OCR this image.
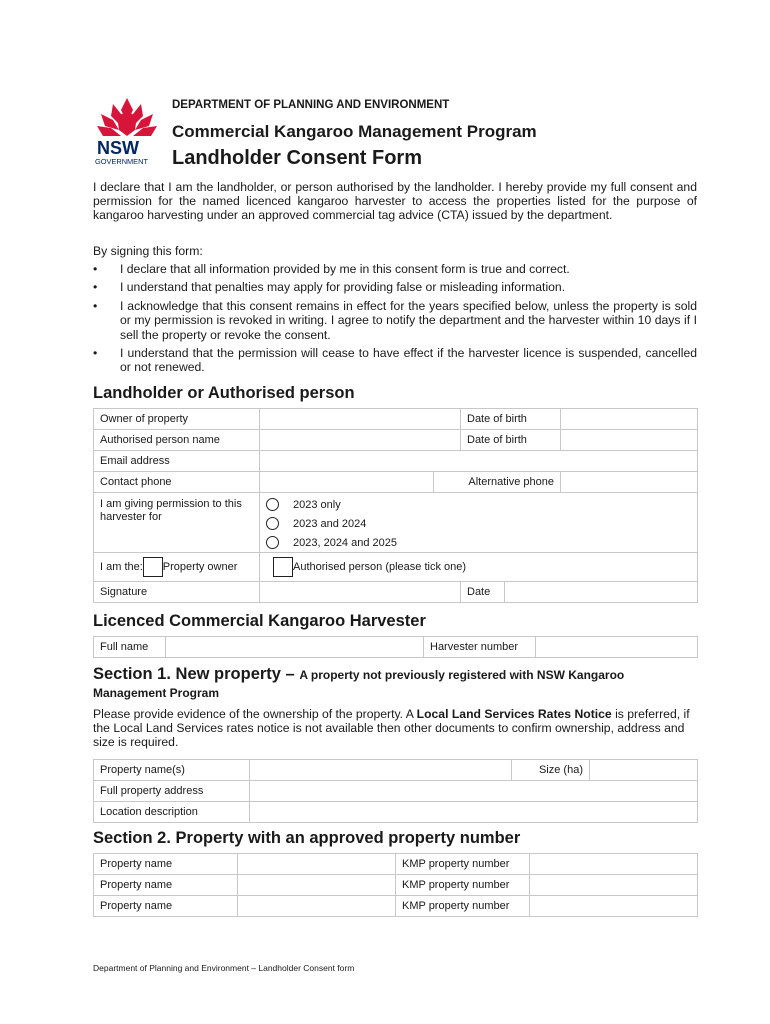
NSW
GOVERNMENT
DEPARTMENT OF PLANNING AND ENVIRONMENT
Commercial Kangaroo Management Program
Landholder Consent Form
I declare that I am the landholder, or person authorised by the landholder. I hereby provide my full consent and permission for the named licenced kangaroo harvester to access the properties listed for the purpose of kangaroo harvesting under an approved commercial tag advice (CTA) issued by the department.
By signing this form:
• I declare that all information provided by me in this consent form is true and correct.
• I understand that penalties may apply for providing false or misleading information.
• I acknowledge that this consent remains in effect for the years specified below, unless the property is sold or my permission is revoked in writing. I agree to notify the department and the harvester within 10 days if I sell the property or revoke the consent.
• I understand that the permission will cease to have effect if the harvester licence is suspended, cancelled or not renewed.
Landholder or Authorised person
Owner of property			Date of birth	
Authorised person name			Date of birth	
Email address				
Contact phone		Alternative phone		
I am giving permission to this harvester for	2023 only
2023 and 2024
2023, 2024 and 2025			

I am the: Property owner	Authorised person (please tick one)			
Signature			Date	
Licenced Commercial Kangaroo Harvester
Full name		Harvester number	
Section 1. New property – A property not previously registered with NSW Kangaroo Management Program
Please provide evidence of the ownership of the property. A Local Land Services Rates Notice is preferred, if the Local Land Services rates notice is not available then other documents to confirm ownership, address and size is required.
Property name(s)		Size (ha)	
Full property address			
Location description			
Section 2. Property with an approved property number
Property name		KMP property number	
Property name		KMP property number	
Property name		KMP property number	
Department of Planning and Environment – Landholder Consent form
